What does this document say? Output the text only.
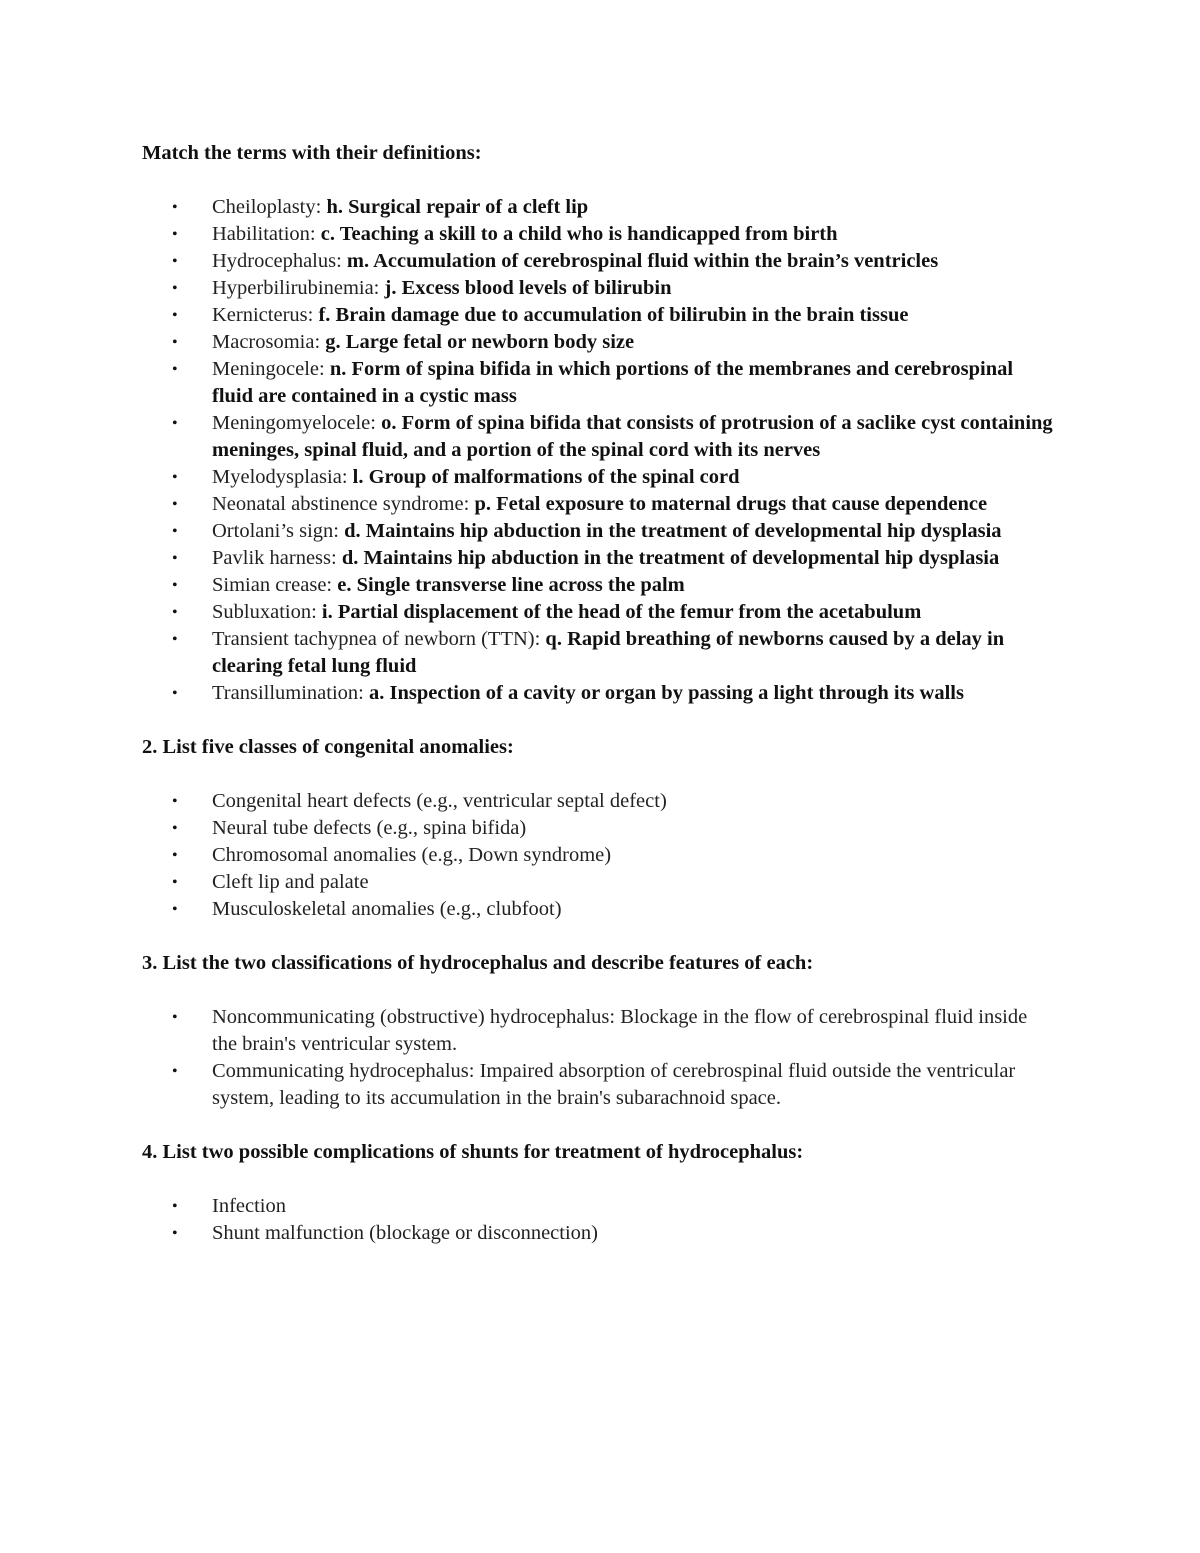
Match the terms with their definitions:
• Cheiloplasty: h. Surgical repair of a cleft lip
• Habilitation: c. Teaching a skill to a child who is handicapped from birth
• Hydrocephalus: m. Accumulation of cerebrospinal fluid within the brain’s ventricles
• Hyperbilirubinemia: j. Excess blood levels of bilirubin
• Kernicterus: f. Brain damage due to accumulation of bilirubin in the brain tissue
• Macrosomia: g. Large fetal or newborn body size
• Meningocele: n. Form of spina bifida in which portions of the membranes and cerebrospinal fluid are contained in a cystic mass
• Meningomyelocele: o. Form of spina bifida that consists of protrusion of a saclike cyst containing meninges, spinal fluid, and a portion of the spinal cord with its nerves
• Myelodysplasia: l. Group of malformations of the spinal cord
• Neonatal abstinence syndrome: p. Fetal exposure to maternal drugs that cause dependence
• Ortolani’s sign: d. Maintains hip abduction in the treatment of developmental hip dysplasia
• Pavlik harness: d. Maintains hip abduction in the treatment of developmental hip dysplasia
• Simian crease: e. Single transverse line across the palm
• Subluxation: i. Partial displacement of the head of the femur from the acetabulum
• Transient tachypnea of newborn (TTN): q. Rapid breathing of newborns caused by a delay in clearing fetal lung fluid
• Transillumination: a. Inspection of a cavity or organ by passing a light through its walls
2. List five classes of congenital anomalies:
• Congenital heart defects (e.g., ventricular septal defect)
• Neural tube defects (e.g., spina bifida)
• Chromosomal anomalies (e.g., Down syndrome)
• Cleft lip and palate
• Musculoskeletal anomalies (e.g., clubfoot)
3. List the two classifications of hydrocephalus and describe features of each:
• Noncommunicating (obstructive) hydrocephalus: Blockage in the flow of cerebrospinal fluid inside the brain's ventricular system.
• Communicating hydrocephalus: Impaired absorption of cerebrospinal fluid outside the ventricular system, leading to its accumulation in the brain's subarachnoid space.
4. List two possible complications of shunts for treatment of hydrocephalus:
• Infection
• Shunt malfunction (blockage or disconnection)
